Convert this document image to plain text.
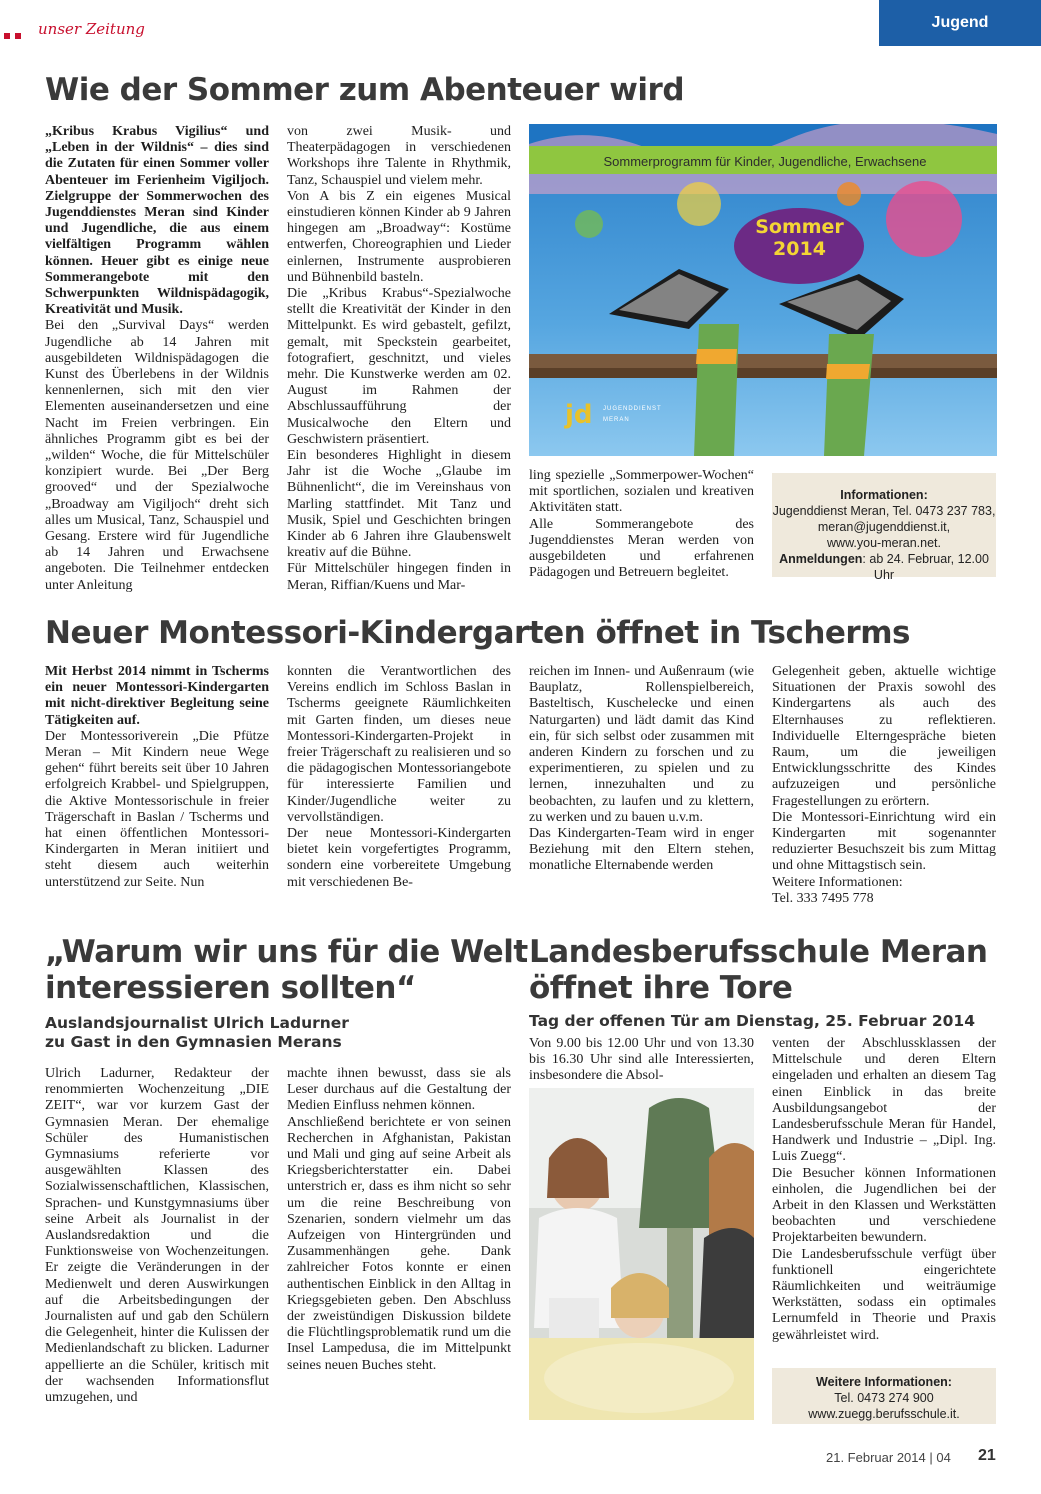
unser Zeitung	Jugend
Wie der Sommer zum Abenteuer wird

„Kribus Krabus Vigilius“ und „Leben in der Wildnis“ – dies sind die Zutaten für einen Sommer voller Abenteuer im Ferienheim Vigiljoch. Zielgruppe der Sommerwochen des Jugenddienstes Meran sind Kinder und Jugendliche, die aus einem vielfältigen Programm wählen können. Heuer gibt es einige neue Sommerangebote mit den Schwerpunkten Wildnispädagogik, Kreativität und Musik.

Bei den „Survival Days“ werden Jugendliche ab 14 Jahren mit ausgebildeten Wildnispädagogen die Kunst des Überlebens in der Wildnis kennenlernen, sich mit den vier Elementen auseinandersetzen und eine Nacht im Freien verbringen. Ein ähnliches Programm gibt es bei der „wilden“ Woche, die für Mittelschüler konzipiert wurde. Bei „Der Berg grooved“ und der Spezialwoche „Broadway am Vigiljoch“ dreht sich alles um Musical, Tanz, Schauspiel und Gesang. Erstere wird für Jugendliche ab 14 Jahren und Erwachsene angeboten. Die Teilnehmer entdecken unter Anleitung

von zwei Musik- und Theaterpädagogen in verschiedenen Workshops ihre Talente in Rhythmik, Tanz, Schauspiel und vielem mehr.

Von A bis Z ein eigenes Musical einstudieren können Kinder ab 9 Jahren hingegen am „Broadway“: Kostüme entwerfen, Choreographien und Lieder einlernen, Instrumente ausprobieren und Bühnenbild basteln.

Die „Kribus Krabus“-Spezialwoche stellt die Kreativität der Kinder in den Mittelpunkt. Es wird gebastelt, gefilzt, gemalt, mit Speckstein gearbeitet, fotografiert, geschnitzt, und vieles mehr. Die Kunstwerke werden am 02. August im Rahmen der Abschlussaufführung der Musicalwoche den Eltern und Geschwistern präsentiert.

Ein besonderes Highlight in diesem Jahr ist die Woche „Glaube im Bühnenlicht“, die im Vereinshaus von Marling stattfindet. Mit Tanz und Musik, Spiel und Geschichten bringen Kinder ab 6 Jahren ihre Glaubenswelt kreativ auf die Bühne.

Für Mittelschüler hingegen finden in Meran, Riffian/Kuens und Mar-

Sommerprogramm für Kinder, Jugendliche, Erwachsene
Sommer
2014
jd JUGENDDIENST
MERAN

ling spezielle „Sommerpower-Wochen“ mit sportlichen, sozialen und kreativen Aktivitäten statt.

Alle Sommerangebote des Jugenddienstes Meran werden von ausgebildeten und erfahrenen Pädagogen und Betreuern begleitet.

Informationen:
Jugenddienst Meran, Tel. 0473 237 783,
meran@jugenddienst.it,
www.you-meran.net.
Anmeldungen: ab 24. Februar, 12.00 Uhr
Neuer Montessori-Kindergarten öffnet in Tscherms

Mit Herbst 2014 nimmt in Tscherms ein neuer Montessori-Kindergarten mit nicht-direktiver Begleitung seine Tätigkeiten auf.

Der Montessoriverein „Die Pfütze Meran – Mit Kindern neue Wege gehen“ führt bereits seit über 10 Jahren erfolgreich Krabbel- und Spielgruppen, die Aktive Montessorischule in freier Trägerschaft in Baslan / Tscherms und hat einen öffentlichen Montessori-Kindergarten in Meran initiiert und steht diesem auch weiterhin unterstützend zur Seite. Nun

konnten die Verantwortlichen des Vereins endlich im Schloss Baslan in Tscherms geeignete Räumlichkeiten mit Garten finden, um dieses neue Montessori-Kindergarten-Projekt in freier Trägerschaft zu realisieren und so die pädagogischen Montessoriangebote für interessierte Familien und Kinder/Jugendliche weiter zu vervollständigen.

Der neue Montessori-Kindergarten bietet kein vorgefertigtes Programm, sondern eine vorbereitete Umgebung mit verschiedenen Be-

reichen im Innen- und Außenraum (wie Bauplatz, Rollenspielbereich, Basteltisch, Kuschelecke und einen Naturgarten) und lädt damit das Kind ein, für sich selbst oder zusammen mit anderen Kindern zu forschen und zu experimentieren, zu spielen und zu lernen, innezuhalten und zu beobachten, zu laufen und zu klettern, zu werken und zu bauen u.v.m.

Das Kindergarten-Team wird in enger Beziehung mit den Eltern stehen, monatliche Elternabende werden

Gelegenheit geben, aktuelle wichtige Situationen der Praxis sowohl des Kindergartens als auch des Elternhauses zu reflektieren. Individuelle Elterngespräche bieten Raum, um die jeweiligen Entwicklungsschritte des Kindes aufzuzeigen und persönliche Fragestellungen zu erörtern.

Die Montessori-Einrichtung wird ein Kindergarten mit sogenannter reduzierter Besuchszeit bis zum Mittag und ohne Mittagstisch sein.

Weitere Informationen:

Tel. 333 7495 778

„Warum wir uns für die Welt
interessieren sollten“
Auslandsjournalist Ulrich Ladurner
zu Gast in den Gymnasien Merans

Ulrich Ladurner, Redakteur der renommierten Wochenzeitung „DIE ZEIT“, war vor kurzem Gast der Gymnasien Meran. Der ehemalige Schüler des Humanistischen Gymnasiums referierte vor ausgewählten Klassen des Sozialwissenschaftlichen, Klassischen, Sprachen- und Kunstgymnasiums über seine Arbeit als Journalist in der Auslandsredaktion und die Funktionsweise von Wochenzeitungen. Er zeigte die Veränderungen in der Medienwelt und deren Auswirkungen auf die Arbeitsbedingungen der Journalisten auf und gab den Schülern die Gelegenheit, hinter die Kulissen der Medienlandschaft zu blicken. Ladurner appellierte an die Schüler, kritisch mit der wachsenden Informationsflut umzugehen, und

machte ihnen bewusst, dass sie als Leser durchaus auf die Gestaltung der Medien Einfluss nehmen können.

Anschließend berichtete er von seinen Recherchen in Afghanistan, Pakistan und Mali und ging auf seine Arbeit als Kriegsberichterstatter ein. Dabei unterstrich er, dass es ihm nicht so sehr um die reine Beschreibung von Szenarien, sondern vielmehr um das Aufzeigen von Hintergründen und Zusammenhängen gehe. Dank zahlreicher Fotos konnte er einen authentischen Einblick in den Alltag in Kriegsgebieten geben. Den Abschluss der zweistündigen Diskussion bildete die Flüchtlingsproblematik rund um die Insel Lampedusa, die im Mittelpunkt seines neuen Buches steht.

Landesberufsschule Meran
öffnet ihre Tore
Tag der offenen Tür am Dienstag, 25. Februar 2014

Von 9.00 bis 12.00 Uhr und von 13.30 bis 16.30 Uhr sind alle Interessierten, insbesondere die Absol-

venten der Abschlussklassen der Mittelschule und deren Eltern eingeladen und erhalten an diesem Tag einen Einblick in das breite Ausbildungsangebot der Landesberufsschule Meran für Handel, Handwerk und Industrie – „Dipl. Ing. Luis Zuegg“.

Die Besucher können Informationen einholen, die Jugendlichen bei der Arbeit in den Klassen und Werkstätten beobachten und verschiedene Projektarbeiten bewundern.

Die Landesberufsschule verfügt über funktionell eingerichtete Räumlichkeiten und weiträumige Werkstätten, sodass ein optimales Lernumfeld in Theorie und Praxis gewährleistet wird.

Weitere Informationen:
Tel. 0473 274 900
www.zuegg.berufsschule.it.
21. Februar 2014 | 04 21
